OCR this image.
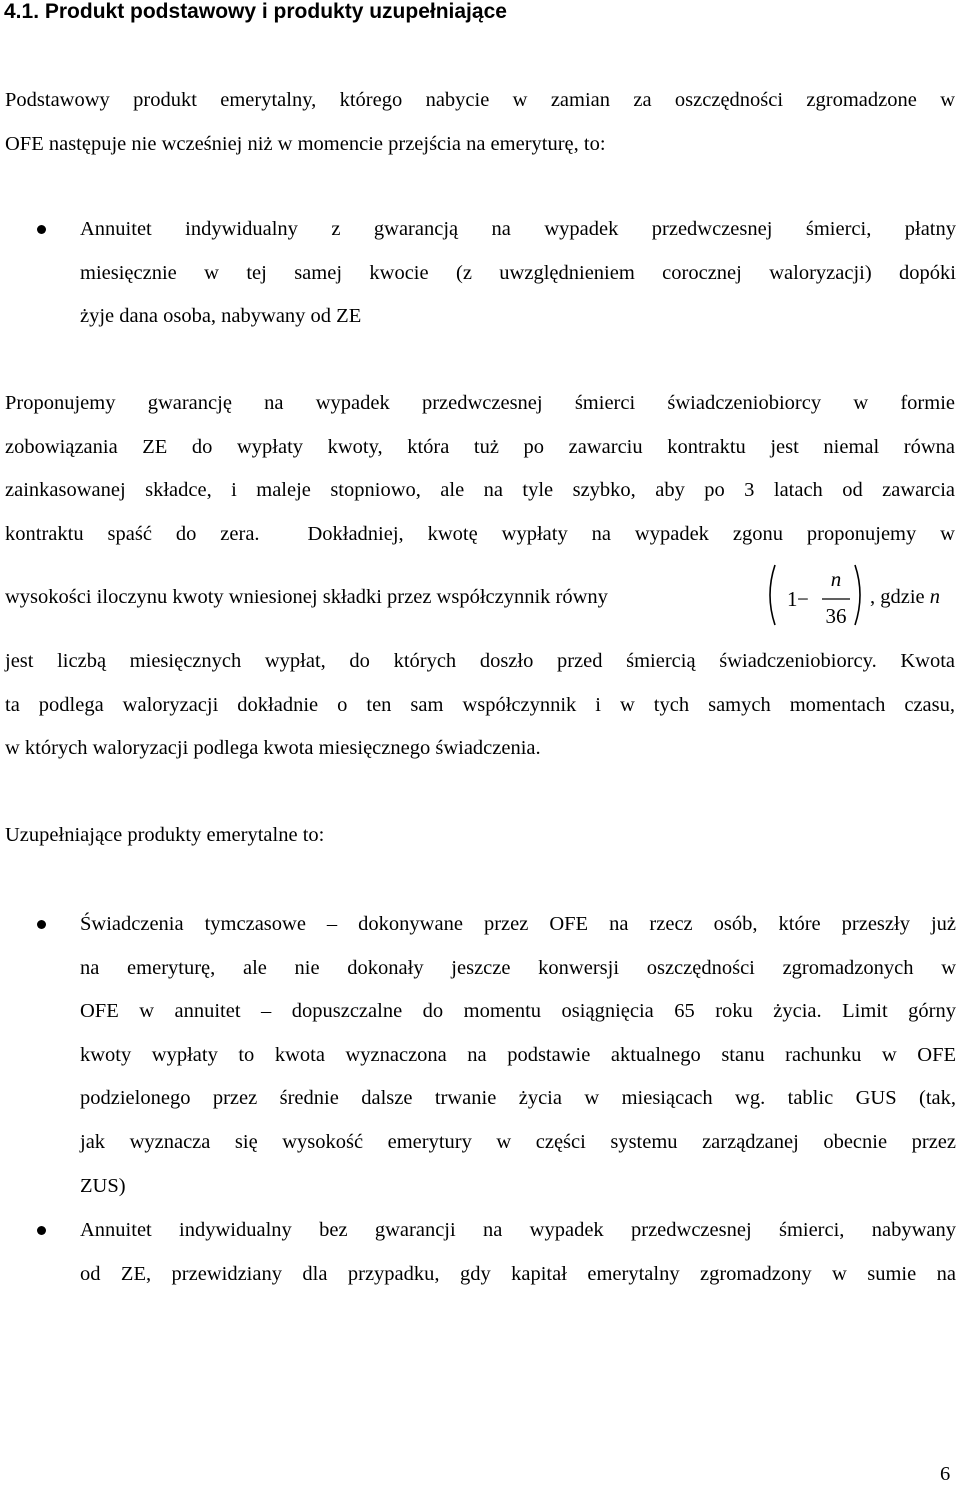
4.1. Produkt podstawowy i produkty uzupełniające
Podstawowy produkt emerytalny, którego nabycie w zamian za oszczędności zgromadzone w
OFE następuje nie wcześniej niż w momencie przejścia na emeryturę, to:
Annuitet indywidualny z gwarancją na wypadek przedwczesnej śmierci, płatny
miesięcznie w tej samej kwocie (z uwzględnieniem corocznej waloryzacji) dopóki
żyje dana osoba, nabywany od ZE
Proponujemy gwarancję na wypadek przedwczesnej śmierci świadczeniobiorcy w formie
zobowiązania ZE do wypłaty kwoty, która tuż po zawarciu kontraktu jest niemal równa
zainkasowanej składce, i maleje stopniowo, ale na tyle szybko, aby po 3 latach od zawarcia
kontraktu spaść do zera.  Dokładniej, kwotę wypłaty na wypadek zgonu proponujemy w
wysokości iloczynu kwoty wniesionej składki przez współczynnik równy	1 −
n
36
, gdzie n
jest liczbą miesięcznych wypłat, do których doszło przed śmiercią świadczeniobiorcy. Kwota
ta podlega waloryzacji dokładnie o ten sam współczynnik i w tych samych momentach czasu,
w których waloryzacji podlega kwota miesięcznego świadczenia.
Uzupełniające produkty emerytalne to:
Świadczenia tymczasowe – dokonywane przez OFE na rzecz osób, które przeszły już
na emeryturę, ale nie dokonały jeszcze konwersji oszczędności zgromadzonych w
OFE w annuitet – dopuszczalne do momentu osiągnięcia 65 roku życia. Limit górny
kwoty wypłaty to kwota wyznaczona na podstawie aktualnego stanu rachunku w OFE
podzielonego przez średnie dalsze trwanie życia w miesiącach wg. tablic GUS (tak,
jak wyznacza się wysokość emerytury w części systemu zarządzanej obecnie przez
ZUS)
Annuitet indywidualny bez gwarancji na wypadek przedwczesnej śmierci, nabywany
od ZE, przewidziany dla przypadku, gdy kapitał emerytalny zgromadzony w sumie na
6
